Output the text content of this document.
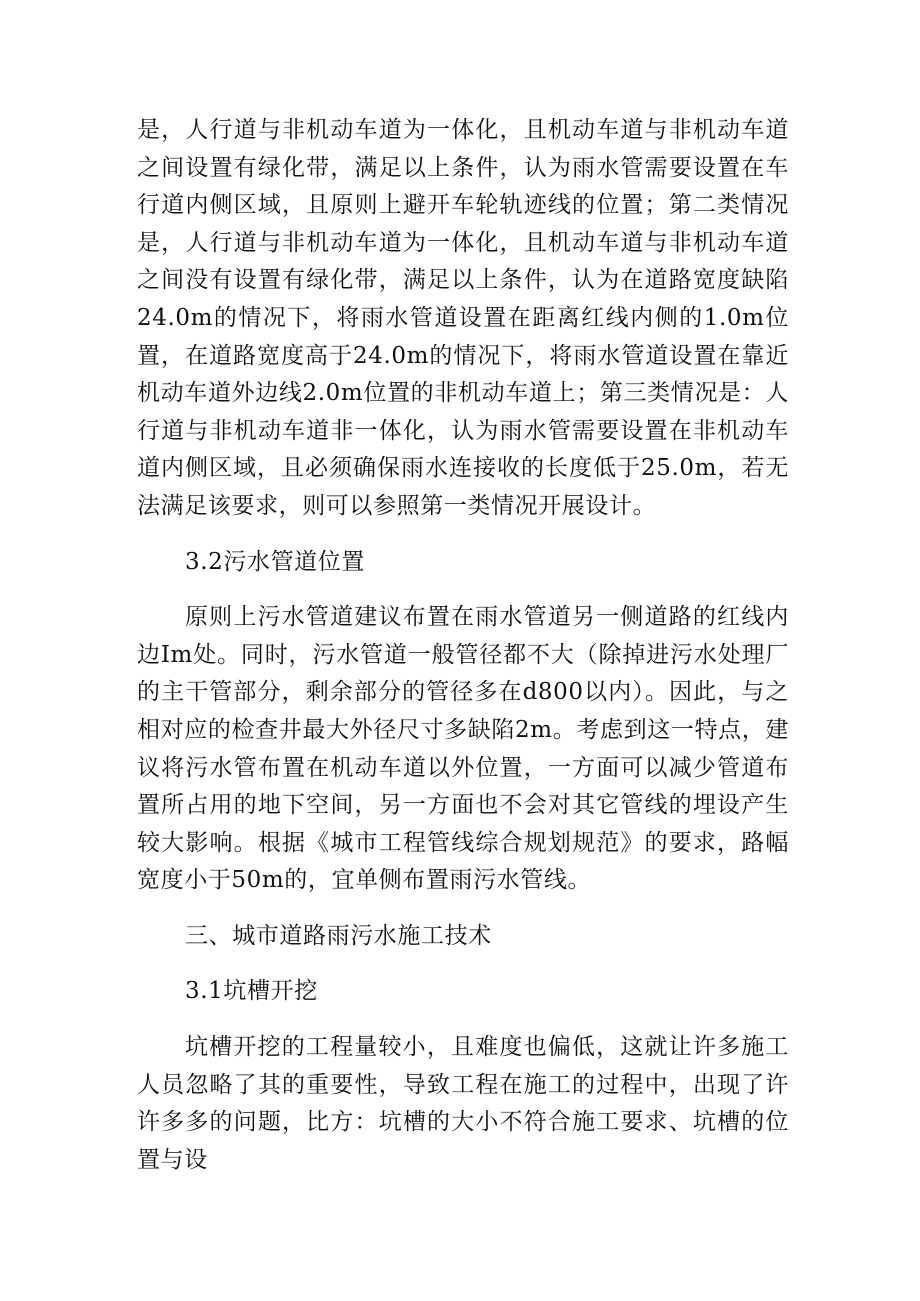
是，人行道与非机动车道为一体化，且机动车道与非机动车道之间设置有绿化带，满足以上条件，认为雨水管需要设置在车行道内侧区域，且原则上避开车轮轨迹线的位置；第二类情况是，人行道与非机动车道为一体化，且机动车道与非机动车道之间没有设置有绿化带，满足以上条件，认为在道路宽度缺陷24.0m的情况下，将雨水管道设置在距离红线内侧的1.0m位置，在道路宽度高于24.0m的情况下，将雨水管道设置在靠近机动车道外边线2.0m位置的非机动车道上；第三类情况是：人行道与非机动车道非一体化，认为雨水管需要设置在非机动车道内侧区域，且必须确保雨水连接收的长度低于25.0m，若无法满足该要求，则可以参照第一类情况开展设计。

3.2污水管道位置

原则上污水管道建议布置在雨水管道另一侧道路的红线内边Im处。同时，污水管道一般管径都不大（除掉进污水处理厂的主干管部分，剩余部分的管径多在d800以内）。因此，与之相对应的检查井最大外径尺寸多缺陷2m。考虑到这一特点，建议将污水管布置在机动车道以外位置，一方面可以减少管道布置所占用的地下空间，另一方面也不会对其它管线的埋设产生较大影响。根据《城市工程管线综合规划规范》的要求，路幅宽度小于50m的，宜单侧布置雨污水管线。

三、城市道路雨污水施工技术

3.1坑槽开挖

坑槽开挖的工程量较小，且难度也偏低，这就让许多施工人员忽略了其的重要性，导致工程在施工的过程中，出现了许许多多的问题，比方：坑槽的大小不符合施工要求、坑槽的位置与设
